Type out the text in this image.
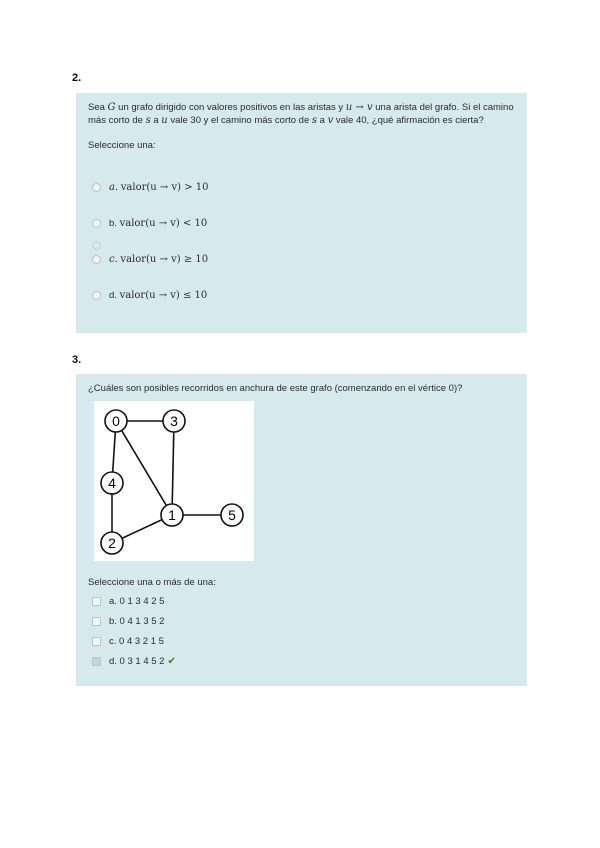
2.

Sea G un grafo dirigido con valores positivos en las aristas y u → v una arista del grafo. Si el camino más corto de s a u vale 30 y el camino más corto de s a v vale 40, ¿qué afirmación es cierta?

Seleccione una:
a.
valor(u → v) > 10
b.
valor(u → v) < 10
c.
valor(u → v) ≥ 10
d.
valor(u → v) ≤ 10
3.

¿Cuáles son posibles recorridos en anchura de este grafo (comenzando en el vértice 0)?

0	3
4
1	5
2
Seleccione una o más de una:
a. 0 1 3 4 2 5
b. 0 4 1 3 5 2
c. 0 4 3 2 1 5
d. 0 3 1 4 5 2 ✔
